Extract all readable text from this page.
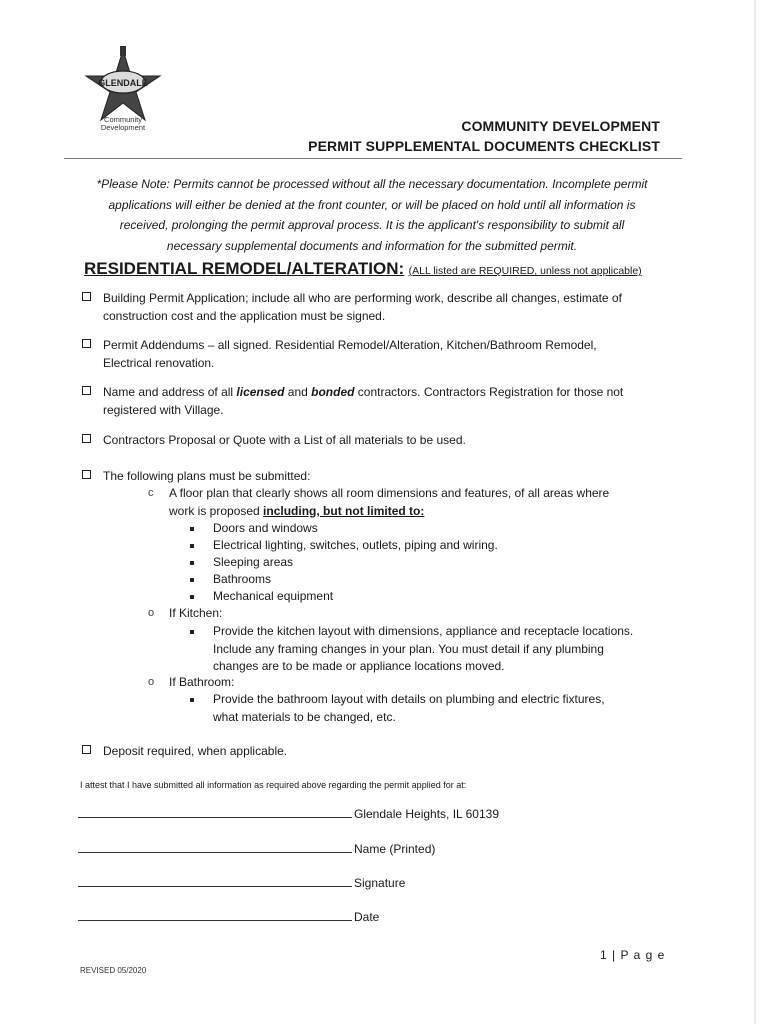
GLENDALE
Community
Development	COMMUNITY DEVELOPMENT
PERMIT SUPPLEMENTAL DOCUMENTS CHECKLIST
*Please Note: Permits cannot be processed without all the necessary documentation. Incomplete permit
applications will either be denied at the front counter, or will be placed on hold until all information is
received, prolonging the permit approval process. It is the applicant's responsibility to submit all
necessary supplemental documents and information for the submitted permit.
RESIDENTIAL REMODEL/ALTERATION: (ALL listed are REQUIRED, unless not applicable)
Building Permit Application; include all who are performing work, describe all changes, estimate of
construction cost and the application must be signed.
Permit Addendums – all signed. Residential Remodel/Alteration, Kitchen/Bathroom Remodel,
Electrical renovation.
Name and address of all licensed and bonded contractors. Contractors Registration for those not
registered with Village.
Contractors Proposal or Quote with a List of all materials to be used.
The following plans must be submitted:
c A floor plan that clearly shows all room dimensions and features, of all areas where
work is proposed including, but not limited to:
Doors and windows
Electrical lighting, switches, outlets, piping and wiring.
Sleeping areas
Bathrooms
Mechanical equipment
o If Kitchen:
Provide the kitchen layout with dimensions, appliance and receptacle locations.
Include any framing changes in your plan. You must detail if any plumbing
changes are to be made or appliance locations moved.
o If Bathroom:
Provide the bathroom layout with details on plumbing and electric fixtures,
what materials to be changed, etc.
Deposit required, when applicable.
I attest that I have submitted all information as required above regarding the permit applied for at:
Glendale Heights, IL 60139
Name (Printed)
Signature
Date
1 | P a g e
REVISED 05/2020
